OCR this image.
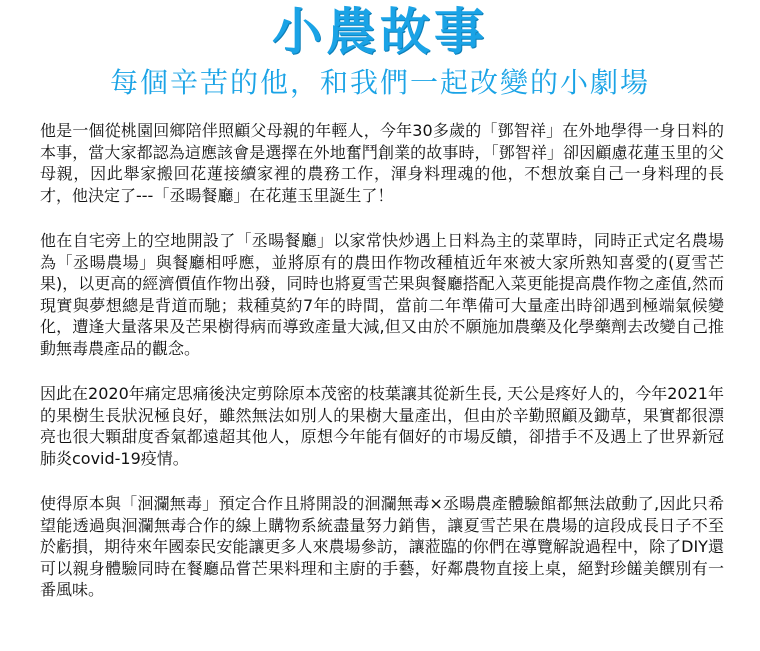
小農故事
每個辛苦的他，和我們一起改變的小劇場

他是一個從桃園回鄉陪伴照顧父母親的年輕人，今年30多歲的「鄧智祥」在外地學得一身日料的本事，當大家都認為這應該會是選擇在外地奮鬥創業的故事時，「鄧智祥」卻因顧慮花蓮玉里的父母親，因此舉家搬回花蓮接續家裡的農務工作，渾身料理魂的他，不想放棄自己一身料理的長才，他決定了---「丞暘餐廳」在花蓮玉里誕生了！

他在自宅旁上的空地開設了「丞暘餐廳」以家常快炒遇上日料為主的菜單時，同時正式定名農場為「丞暘農場」與餐廳相呼應，並將原有的農田作物改種植近年來被大家所熟知喜愛的(夏雪芒果)，以更高的經濟價值作物出發，同時也將夏雪芒果與餐廳搭配入菜更能提高農作物之產值,然而現實與夢想總是背道而馳；栽種莫約7年的時間，當前二年準備可大量產出時卻遇到極端氣候變化，遭逢大量落果及芒果樹得病而導致產量大減,但又由於不願施加農藥及化學藥劑去改變自己推動無毒農產品的觀念。

因此在2020年痛定思痛後決定剪除原本茂密的枝葉讓其從新生長, 天公是疼好人的，今年2021年的果樹生長狀況極良好，雖然無法如別人的果樹大量產出，但由於辛勤照顧及鋤草，果實都很漂亮也很大顆甜度香氣都遠超其他人，原想今年能有個好的市場反饋，卻措手不及遇上了世界新冠肺炎covid-19疫情。

使得原本與「洄瀾無毒」預定合作且將開設的洄瀾無毒×丞暘農產體驗館都無法啟動了,因此只希望能透過與洄瀾無毒合作的線上購物系統盡量努力銷售，讓夏雪芒果在農場的這段成長日子不至於虧損，期待來年國泰民安能讓更多人來農場參訪，讓蒞臨的你們在導覽解說過程中，除了DIY還可以親身體驗同時在餐廳品嘗芒果料理和主廚的手藝，好鄰農物直接上桌，絕對珍饈美饌別有一番風味。
